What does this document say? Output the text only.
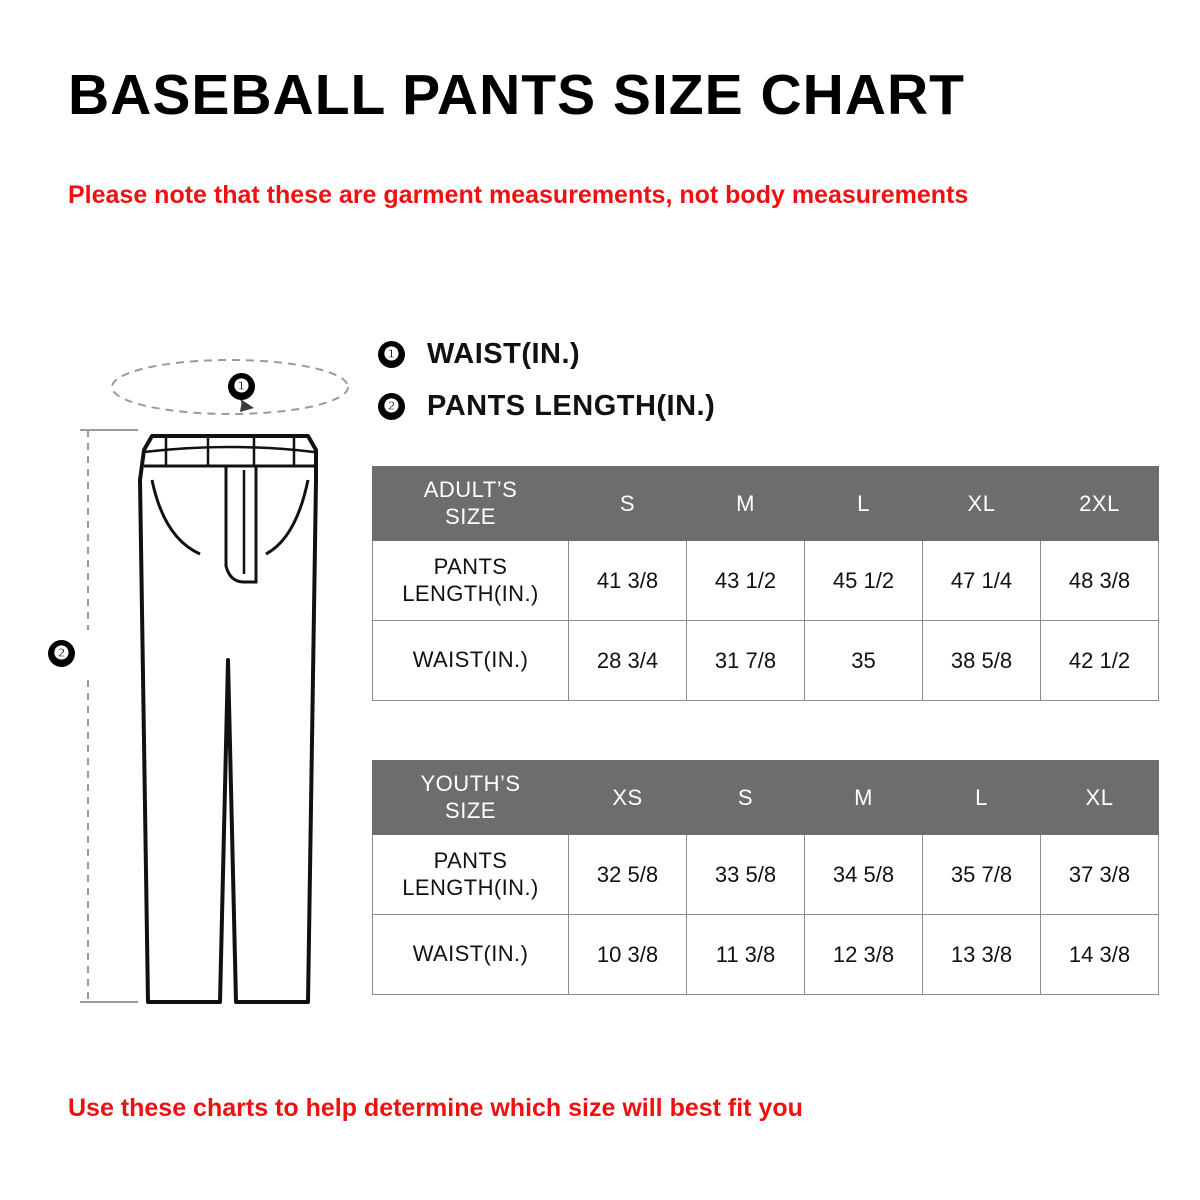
BASEBALL PANTS SIZE CHART
Please note that these are garment measurements, not body measurements
❶ WAIST(IN.)
❷ PANTS LENGTH(IN.)
❶
❷
ADULT’S
SIZE	S	M	L	XL	2XL

PANTS
LENGTH(IN.)	41 3/8	43 1/2	45 1/2	47 1/4	48 3/8
WAIST(IN.)	28 3/4	31 7/8	35	38 5/8	42 1/2
YOUTH’S
SIZE	XS	S	M	L	XL

PANTS
LENGTH(IN.)	32 5/8	33 5/8	34 5/8	35 7/8	37 3/8
WAIST(IN.)	10 3/8	11 3/8	12 3/8	13 3/8	14 3/8
Use these charts to help determine which size will best fit you
